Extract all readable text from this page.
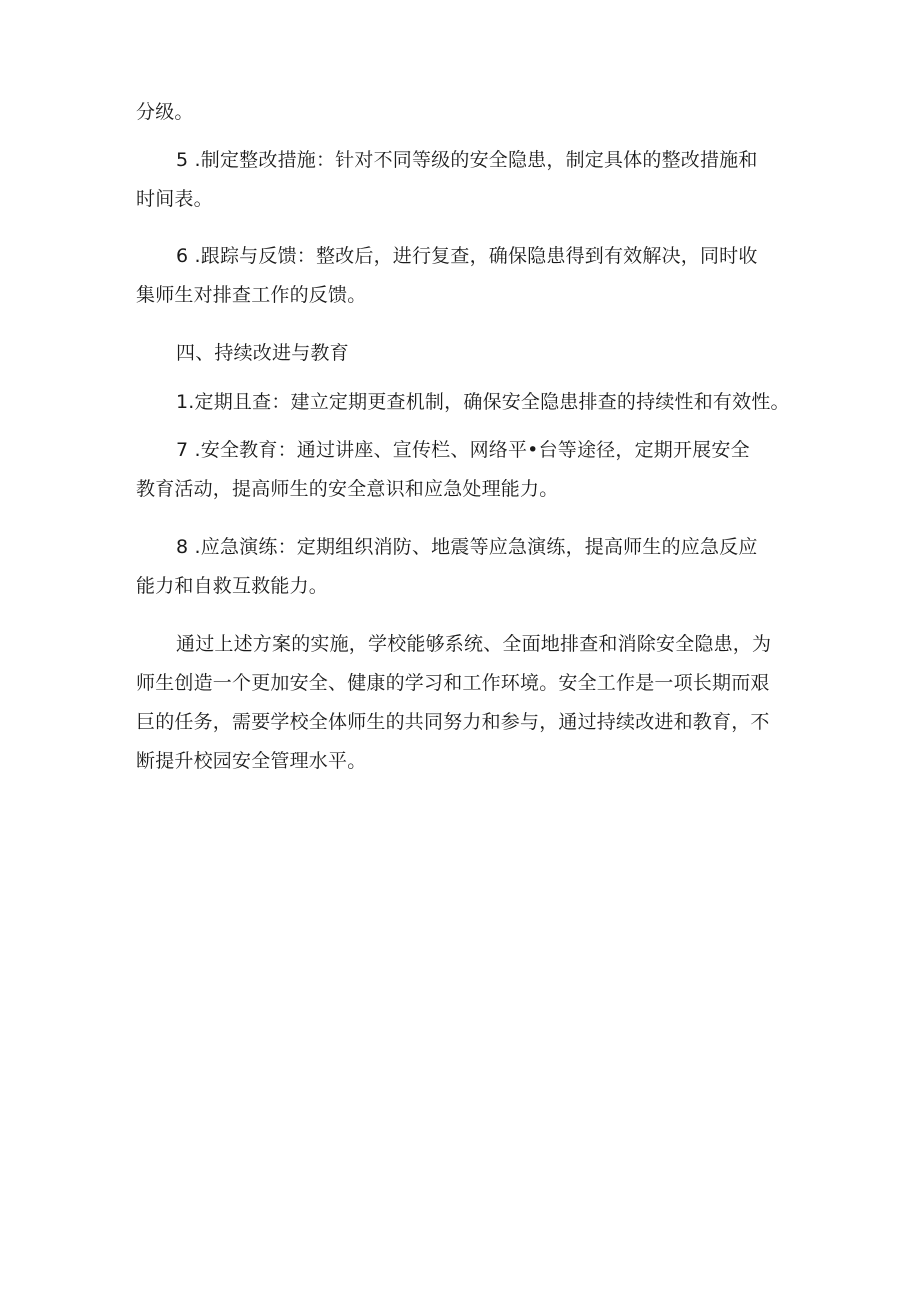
分级。
5 .制定整改措施：针对不同等级的安全隐患，制定具体的整改措施和
时间表。
6 .跟踪与反馈：整改后，进行复查，确保隐患得到有效解决，同时收
集师生对排查工作的反馈。
四、持续改进与教育
1.定期且查：建立定期更查机制，确保安全隐患排查的持续性和有效性。
7 .安全教育：通过讲座、宣传栏、网络平•台等途径，定期开展安全
教育活动，提高师生的安全意识和应急处理能力。
8 .应急演练：定期组织消防、地震等应急演练，提高师生的应急反应
能力和自救互救能力。
通过上述方案的实施，学校能够系统、全面地排查和消除安全隐患，为
师生创造一个更加安全、健康的学习和工作环境。安全工作是一项长期而艰
巨的任务，需要学校全体师生的共同努力和参与，通过持续改进和教育，不
断提升校园安全管理水平。
